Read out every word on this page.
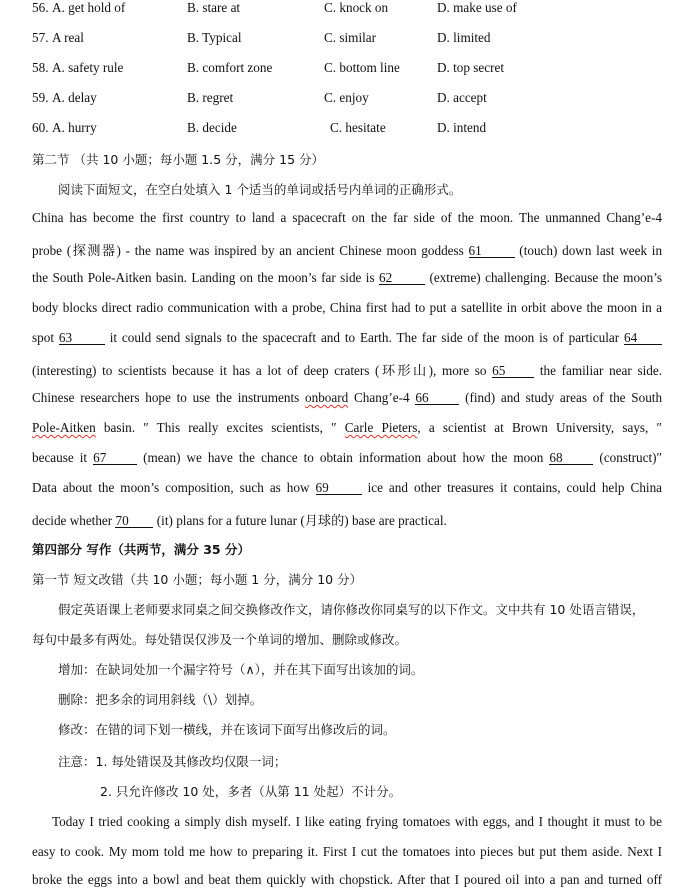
56. A. get hold of	B. stare at	C. knock on	D. make use of
57. A real	B. Typical	C. similar	D. limited
58. A. safety rule	B. comfort zone	C. bottom line	D. top secret
59. A. delay	B. regret	C. enjoy	D. accept
60. A. hurry	B. decide	C. hesitate	D. intend
第二节 （共 10 小题；每小题 1.5 分，满分 15 分）
阅读下面短文，在空白处填入 1 个适当的单词或括号内单词的正确形式。
China has become the first country to land a spacecraft on the far side of the moon. The unmanned Chang’e-4
probe (探测器) - the name was inspired by an ancient Chinese moon goddess 61	(touch) down last week in
the South Pole-Aitken basin. Landing on the moon’s far side is 62	(extreme) challenging. Because the moon’s
body blocks direct radio communication with a probe, China first had to put a satellite in orbit above the moon in a
spot 63	it could send signals to the spacecraft and to Earth. The far side of the moon is of particular 64
(interesting) to scientists because it has a lot of deep craters (环形山), more so 65	the familiar near side.
Chinese researchers hope to use the instruments onboard Chang’e-4 66	(find) and study areas of the South
Pole-Aitken basin. ″ This really excites scientists, ″ Carle Pieters, a scientist at Brown University, says, ″
because it 67	(mean) we have the chance to obtain information about how the moon 68	(construct)″
Data about the moon’s composition, such as how 69	ice and other treasures it contains, could help China
decide whether 70 (it) plans for a future lunar (月球的) base are practical.
第四部分 写作（共两节，满分 35 分）
第一节 短文改错（共 10 小题；每小题 1 分，满分 10 分）
假定英语课上老师要求同桌之间交换修改作文，请你修改你同桌写的以下作文。文中共有 10 处语言错误，
每句中最多有两处。每处错误仅涉及一个单词的增加、删除或修改。
增加：在缺词处加一个漏字符号（∧），并在其下面写出该加的词。
删除：把多余的词用斜线（\）划掉。
修改：在错的词下划一横线，并在该词下面写出修改后的词。
注意：1. 每处错误及其修改均仅限一词；
2. 只允许修改 10 处，多者（从第 11 处起）不计分。
Today I tried cooking a simply dish myself. I like eating frying tomatoes with eggs, and I thought it must to be
easy to cook. My mom told me how to preparing it. First I cut the tomatoes into pieces but put them aside. Next I
broke the eggs into a bowl and beat them quickly with chopstick. After that I poured oil into a pan and turned off
